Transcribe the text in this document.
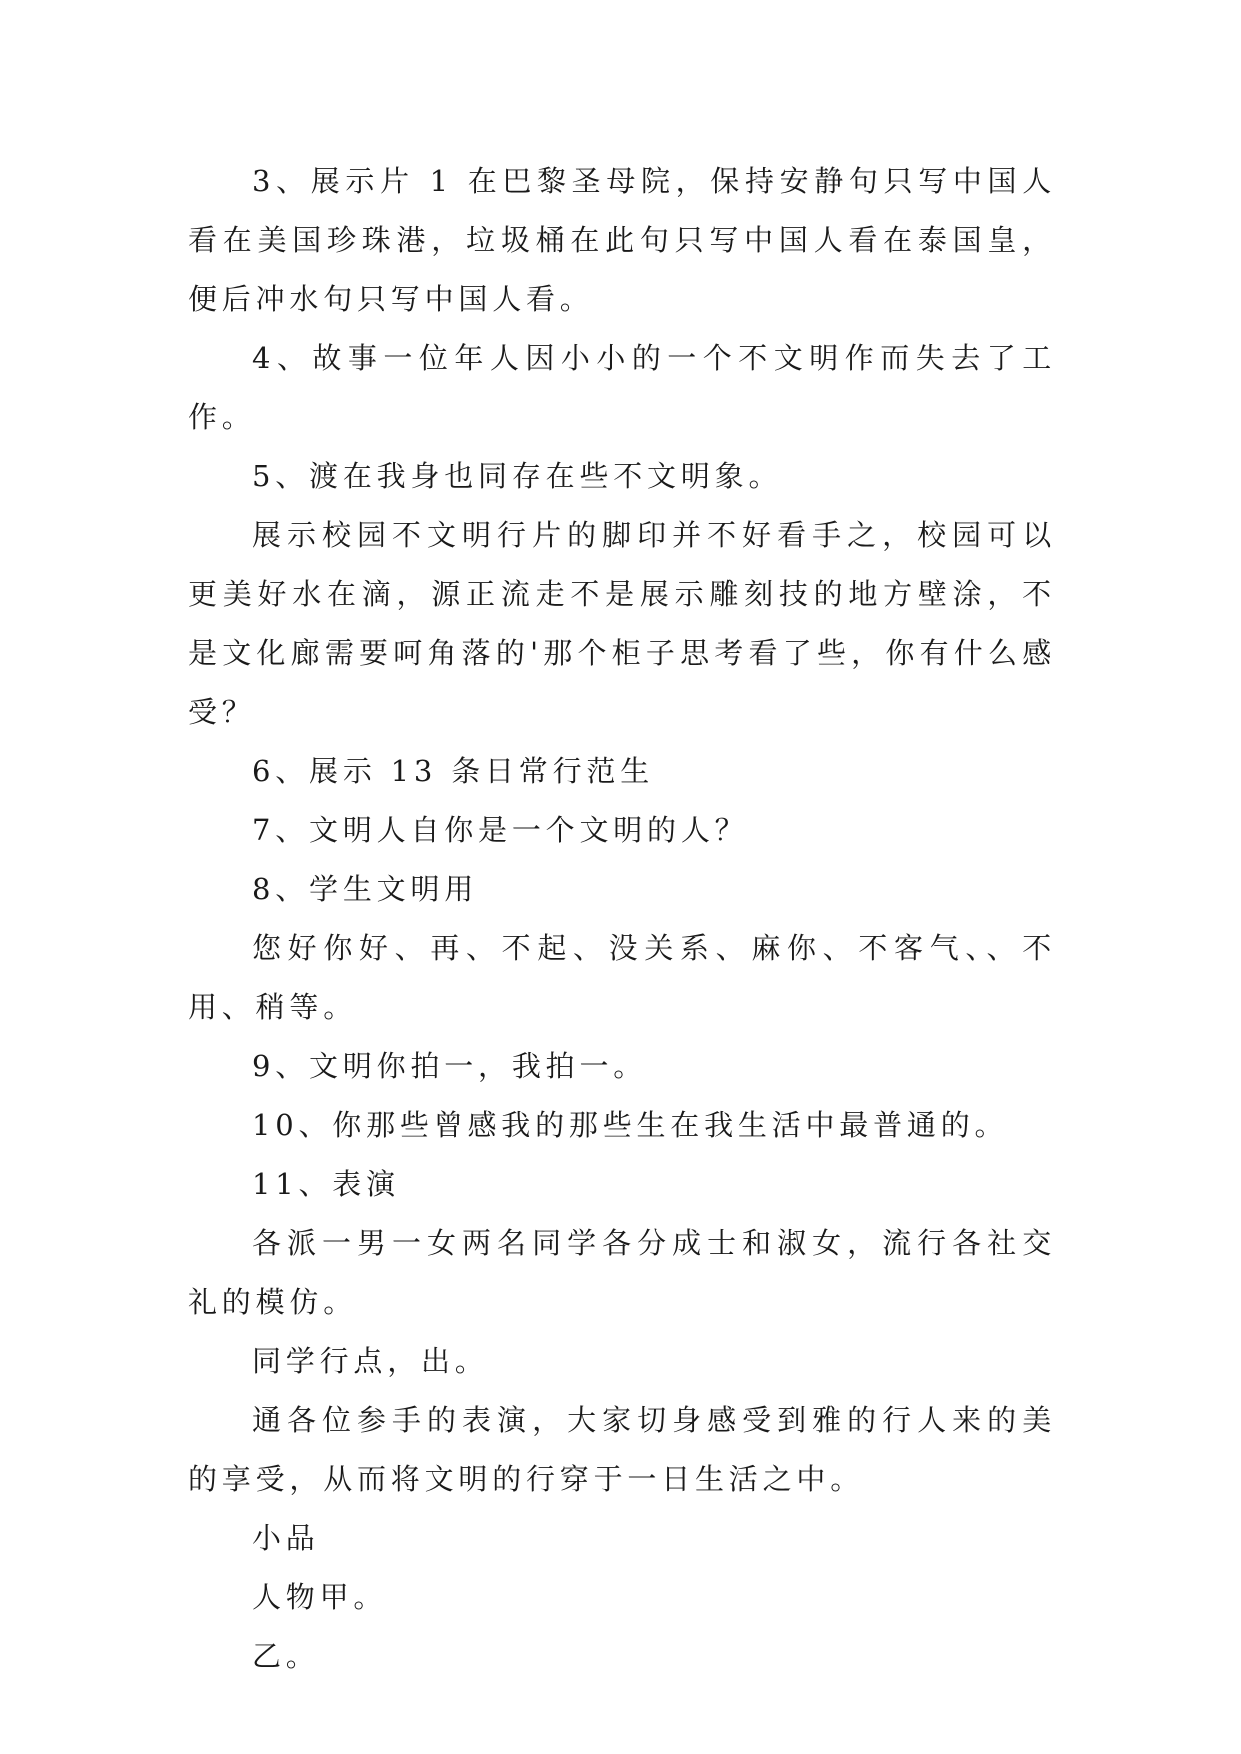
3、展示片 1 在巴黎圣母院，保持安静句只写中国人看在美国珍珠港，垃圾桶在此句只写中国人看在泰国皇，便后冲水句只写中国人看。

4、故事一位年人因小小的一个不文明作而失去了工作。

5、渡在我身也同存在些不文明象。

展示校园不文明行片的脚印并不好看手之，校园可以更美好水在滴，源正流走不是展示雕刻技的地方壁涂，不是文化廊需要呵角落的'那个柜子思考看了些，你有什么感受？

6、展示 13 条日常行范生

7、文明人自你是一个文明的人？

8、学生文明用

您好你好、再、不起、没关系、麻你、不客气、、不用、稍等。

9、文明你拍一，我拍一。

10、你那些曾感我的那些生在我生活中最普通的。

11、表演

各派一男一女两名同学各分成士和淑女，流行各社交礼的模仿。

同学行点，出。

通各位参手的表演，大家切身感受到雅的行人来的美的享受，从而将文明的行穿于一日生活之中。

小品

人物甲。

乙。
